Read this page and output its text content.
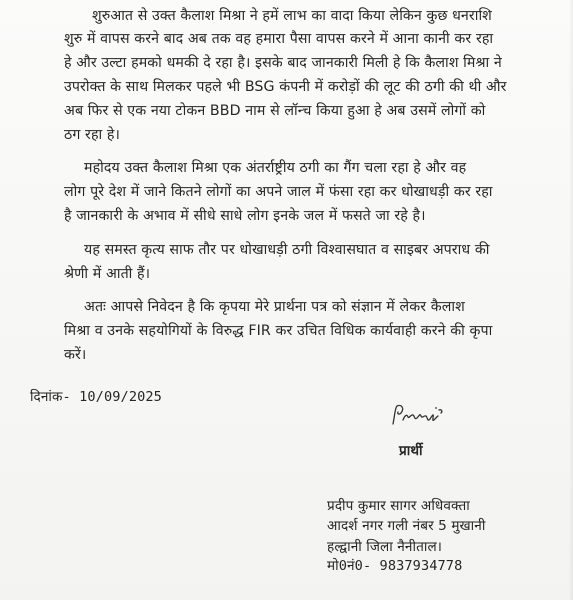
शुरुआत से उक्त कैलाश मिश्रा ने हमें लाभ का वादा किया लेकिन कुछ धनराशि
शुरु में वापस करने बाद अब तक वह हमारा पैसा वापस करने में आना कानी कर रहा
हे और उल्टा हमको धमकी दे रहा है। इसके बाद जानकारी मिली हे कि कैलाश मिश्रा ने
उपरोक्त के साथ मिलकर पहले भी BSG कंपनी में करोड़ों की लूट की ठगी की थी और
अब फिर से एक नया टोकन BBD नाम से लॉन्च किया हुआ हे अब उसमें लोगों को
ठग रहा हे।
महोदय उक्त कैलाश मिश्रा एक अंतर्राष्ट्रीय ठगी का गैंग चला रहा हे और वह
लोग पूरे देश में जाने कितने लोगों का अपने जाल में फंसा रहा कर धोखाधड़ी कर रहा
है जानकारी के अभाव में सीधे साधे लोग इनके जल में फसते जा रहे है।
यह समस्त कृत्य साफ तौर पर धोखाधड़ी ठगी विश्वासघात व साइबर अपराध की
श्रेणी में आती हैं।
अतः आपसे निवेदन है कि कृपया मेरे प्रार्थना पत्र को संज्ञान में लेकर कैलाश
मिश्रा व उनके सहयोगियों के विरुद्ध FIR कर उचित विधिक कार्यवाही करने की कृपा
करें।
दिनांक- 10/09/2025
प्रार्थी
प्रदीप कुमार सागर अधिवक्ता
आदर्श नगर गली नंबर 5 मुखानी
हल्द्वानी जिला नैनीताल।
मो0नं0- 9837934778
